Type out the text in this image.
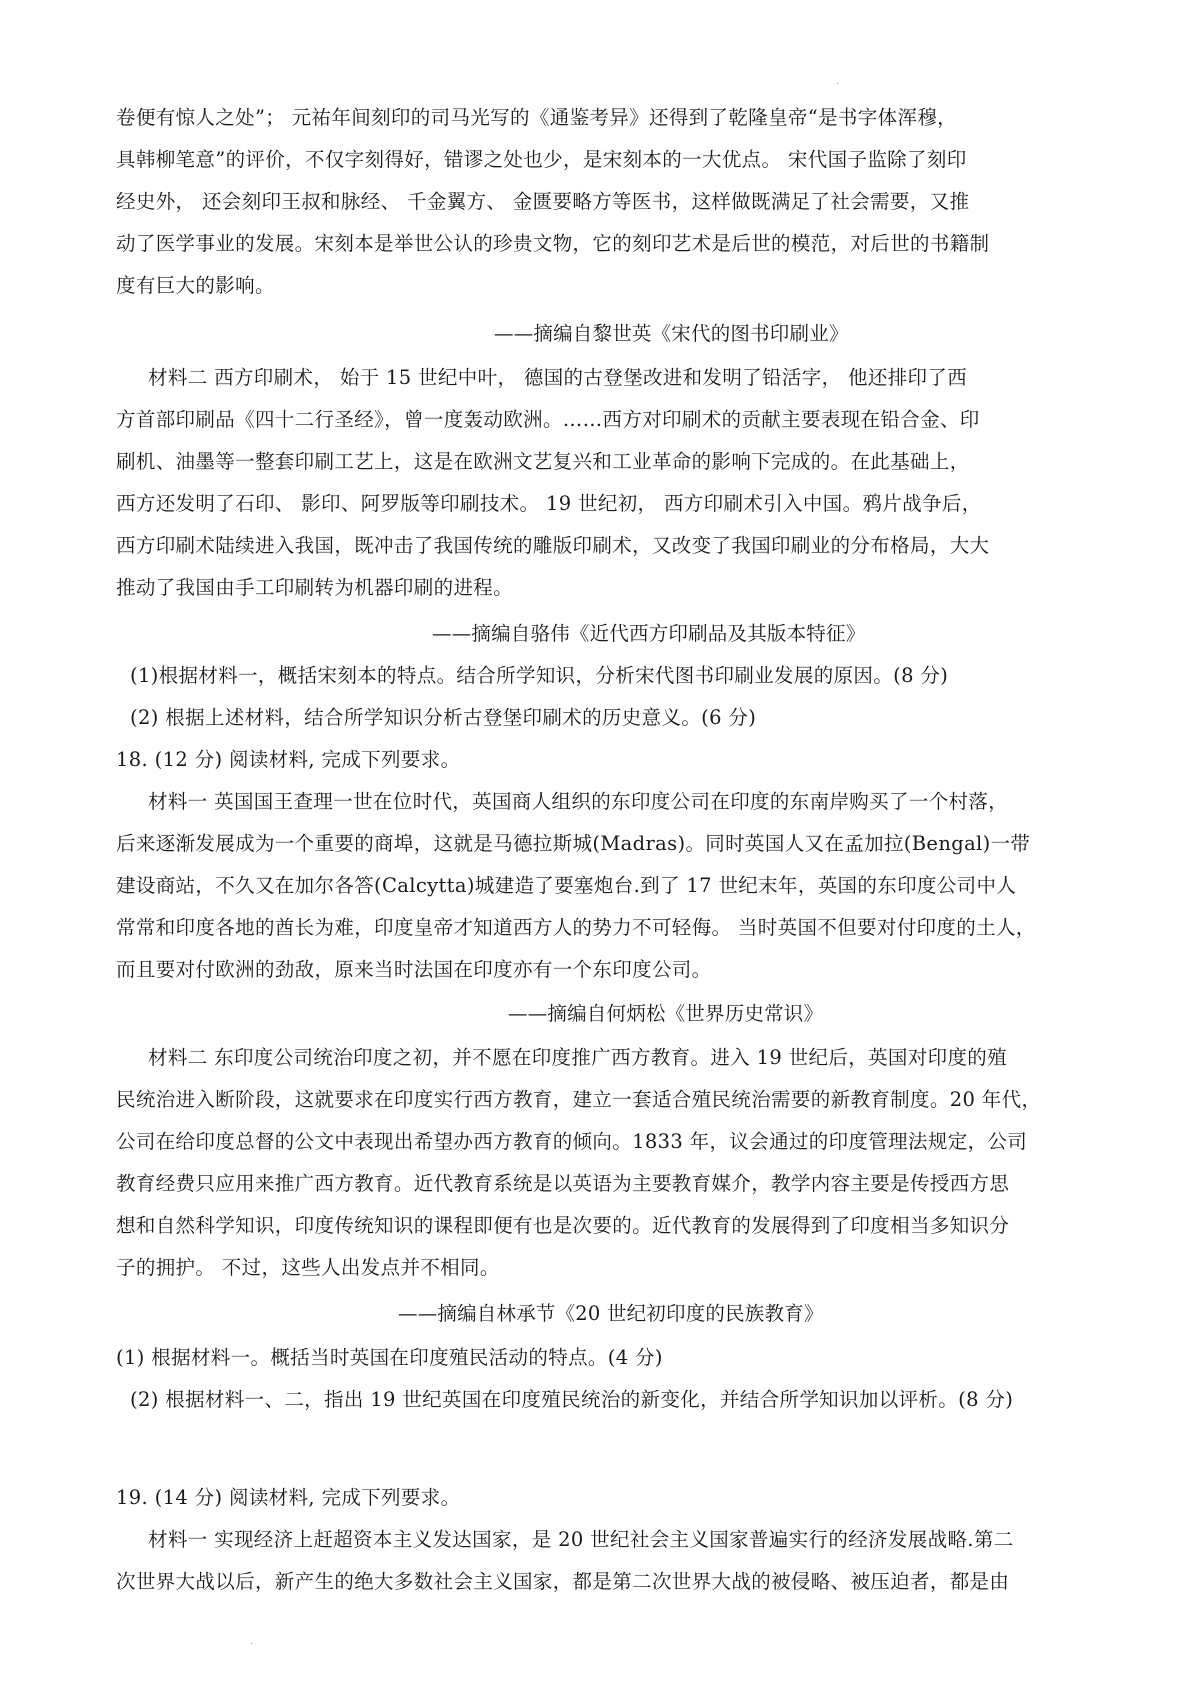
·
卷便有惊人之处”； 元祐年间刻印的司马光写的《通鉴考异》还得到了乾隆皇帝“是书字体浑穆，
具韩柳笔意”的评价，不仅字刻得好，错谬之处也少，是宋刻本的一大优点。 宋代国子监除了刻印
经史外， 还会刻印王叔和脉经、 千金翼方、 金匮要略方等医书，这样做既满足了社会需要，又推
动了医学事业的发展。宋刻本是举世公认的珍贵文物，它的刻印艺术是后世的模范，对后世的书籍制
度有巨大的影响。
——摘编自黎世英《宋代的图书印刷业》
材料二 西方印刷术， 始于 15 世纪中叶， 德国的古登堡改进和发明了铅活字， 他还排印了西
方首部印刷品《四十二行圣经》，曾一度轰动欧洲。……西方对印刷术的贡献主要表现在铅合金、印
刷机、油墨等一整套印刷工艺上，这是在欧洲文艺复兴和工业革命的影响下完成的。在此基础上，
西方还发明了石印、 影印、阿罗版等印刷技术。 19 世纪初， 西方印刷术引入中国。鸦片战争后，
西方印刷术陆续进入我国，既冲击了我国传统的雕版印刷术，又改变了我国印刷业的分布格局，大大
推动了我国由手工印刷转为机器印刷的进程。
——摘编自骆伟《近代西方印刷品及其版本特征》
(1)根据材料一，概括宋刻本的特点。结合所学知识，分析宋代图书印刷业发展的原因。(8 分)
(2) 根据上述材料，结合所学知识分析古登堡印刷术的历史意义。(6 分)
18. (12 分) 阅读材料, 完成下列要求。
材料一 英国国王查理一世在位时代，英国商人组织的东印度公司在印度的东南岸购买了一个村落，
后来逐渐发展成为一个重要的商埠，这就是马德拉斯城(Madras)。同时英国人又在孟加拉(Bengal)一带
建设商站，不久又在加尔各答(Calcytta)城建造了要塞炮台.到了 17 世纪末年，英国的东印度公司中人
常常和印度各地的酋长为难，印度皇帝才知道西方人的势力不可轻侮。 当时英国不但要对付印度的土人，
而且要对付欧洲的劲敌，原来当时法国在印度亦有一个东印度公司。
——摘编自何炳松《世界历史常识》
材料二 东印度公司统治印度之初，并不愿在印度推广西方教育。进入 19 世纪后，英国对印度的殖
民统治进入断阶段，这就要求在印度实行西方教育，建立一套适合殖民统治需要的新教育制度。20 年代，
公司在给印度总督的公文中表现出希望办西方教育的倾向。1833 年，议会通过的印度管理法规定，公司
教育经费只应用来推广西方教育。近代教育系统是以英语为主要教育媒介，教学内容主要是传授西方思
想和自然科学知识，印度传统知识的课程即便有也是次要的。近代教育的发展得到了印度相当多知识分
子的拥护。 不过，这些人出发点并不相同。
——摘编自林承节《20 世纪初印度的民族教育》
(1) 根据材料一。概括当时英国在印度殖民活动的特点。(4 分)
(2) 根据材料一、二，指出 19 世纪英国在印度殖民统治的新变化，并结合所学知识加以评析。(8 分)
19. (14 分) 阅读材料, 完成下列要求。
材料一 实现经济上赶超资本主义发达国家，是 20 世纪社会主义国家普遍实行的经济发展战略.第二
次世界大战以后，新产生的绝大多数社会主义国家，都是第二次世界大战的被侵略、被压迫者，都是由
·
